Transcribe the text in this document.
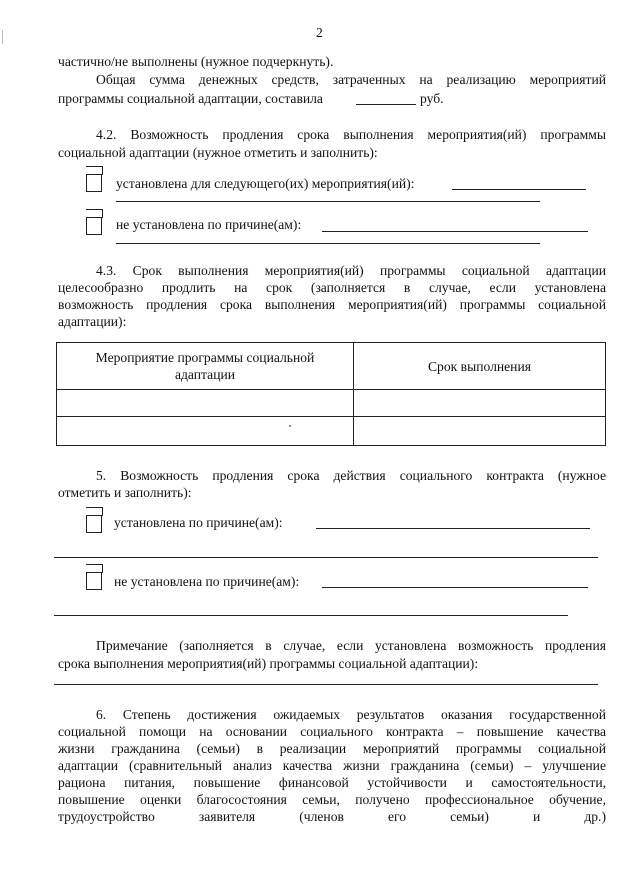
2
частично/не выполнены (нужное подчеркнуть).
Общая сумма денежных средств, затраченных на реализацию мероприятий
программы социальной адаптации, составила	руб.
4.2. Возможность продления срока выполнения мероприятия(ий) программы
социальной адаптации (нужное отметить и заполнить):
установлена для следующего(их) мероприятия(ий):
не установлена по причине(ам):
4.3. Срок выполнения мероприятия(ий) программы социальной адаптации
целесообразно продлить на срок (заполняется в случае, если установлена
возможность продления срока выполнения мероприятия(ий) программы социальной
адаптации):
Мероприятие программы социальной
адаптации	Срок выполнения

5. Возможность продления срока действия социального контракта (нужное
отметить и заполнить):
установлена по причине(ам):
не установлена по причине(ам):
Примечание (заполняется в случае, если установлена возможность продления
срока выполнения мероприятия(ий) программы социальной адаптации):
6. Степень достижения ожидаемых результатов оказания государственной
социальной помощи на основании социального контракта – повышение качества
жизни гражданина (семьи) в реализации мероприятий программы социальной
адаптации (сравнительный анализ качества жизни гражданина (семьи) – улучшение
рациона питания, повышение финансовой устойчивости и самостоятельности,
повышение оценки благосостояния семьи, получено профессиональное обучение,
трудоустройство заявителя (членов его семьи) и др.)
